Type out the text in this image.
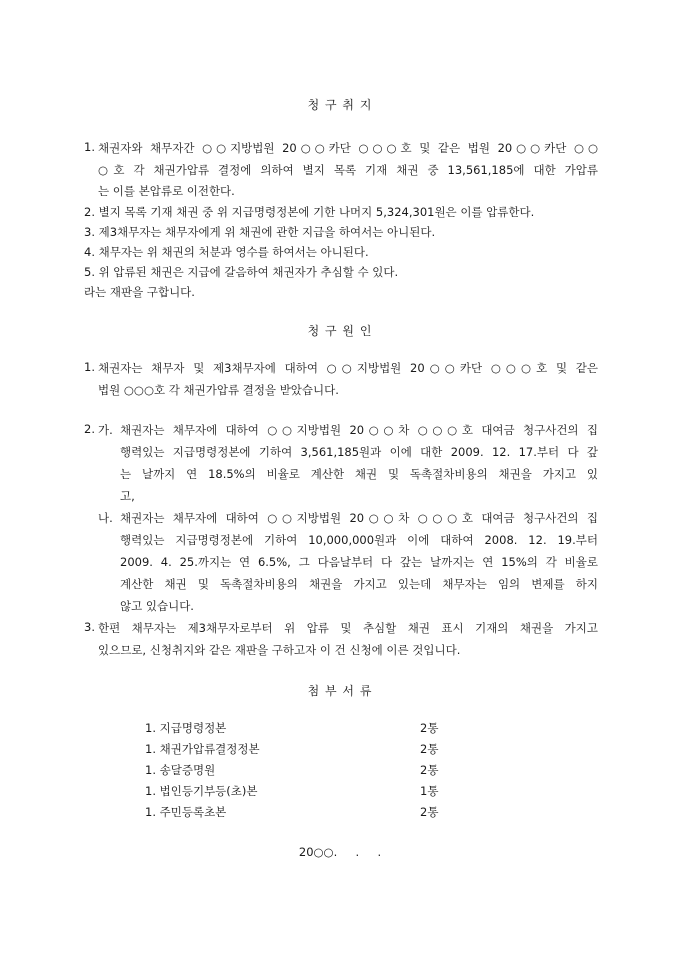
청 구 취 지
1. 채권자와 채무자간 ○○지방법원 20○○카단 ○○○호 및 같은 법원 20○○카단 ○○
○호 각 채권가압류 결정에 의하여 별지 목록 기재 채권 중 13,561,185에 대한 가압류
는 이를 본압류로 이전한다.
2. 별지 목록 기재 채권 중 위 지급명령정본에 기한 나머지 5,324,301원은 이를 압류한다.
3. 제3채무자는 채무자에게 위 채권에 관한 지급을 하여서는 아니된다.
4. 채무자는 위 채권의 처분과 영수를 하여서는 아니된다.
5. 위 압류된 채권은 지급에 갈음하여 채권자가 추심할 수 있다.
라는 재판을 구합니다.
청 구 원 인
1. 채권자는 채무자 및 제3채무자에 대하여 ○○지방법원 20○○카단 ○○○호 및 같은
법원 ○○○호 각 채권가압류 결정을 받았습니다.
2. 가. 채권자는 채무자에 대하여 ○○지방법원 20○○차 ○○○호 대여금 청구사건의 집
행력있는 지급명령정본에 기하여 3,561,185원과 이에 대한 2009. 12. 17.부터 다 갚
는 날까지 연 18.5%의 비율로 계산한 채권 및 독촉절차비용의 채권을 가지고 있
고,
나. 채권자는 채무자에 대하여 ○○지방법원 20○○차 ○○○호 대여금 청구사건의 집
행력있는 지급명령정본에 기하여 10,000,000원과 이에 대하여 2008. 12. 19.부터
2009. 4. 25.까지는 연 6.5%, 그 다음날부터 다 갚는 날까지는 연 15%의 각 비율로
계산한 채권 및 독촉절차비용의 채권을 가지고 있는데 채무자는 임의 변제를 하지
않고 있습니다.
3. 한편 채무자는 제3채무자로부터 위 압류 및 추심할 채권 표시 기재의 채권을 가지고
있으므로, 신청취지와 같은 재판을 구하고자 이 건 신청에 이른 것입니다.
첨 부 서 류
1. 지급명령정본	2통
1. 채권가압류결정정본	2통
1. 송달증명원	2통
1. 법인등기부등(초)본	1통
1. 주민등록초본	2통
20○○.     .     .
